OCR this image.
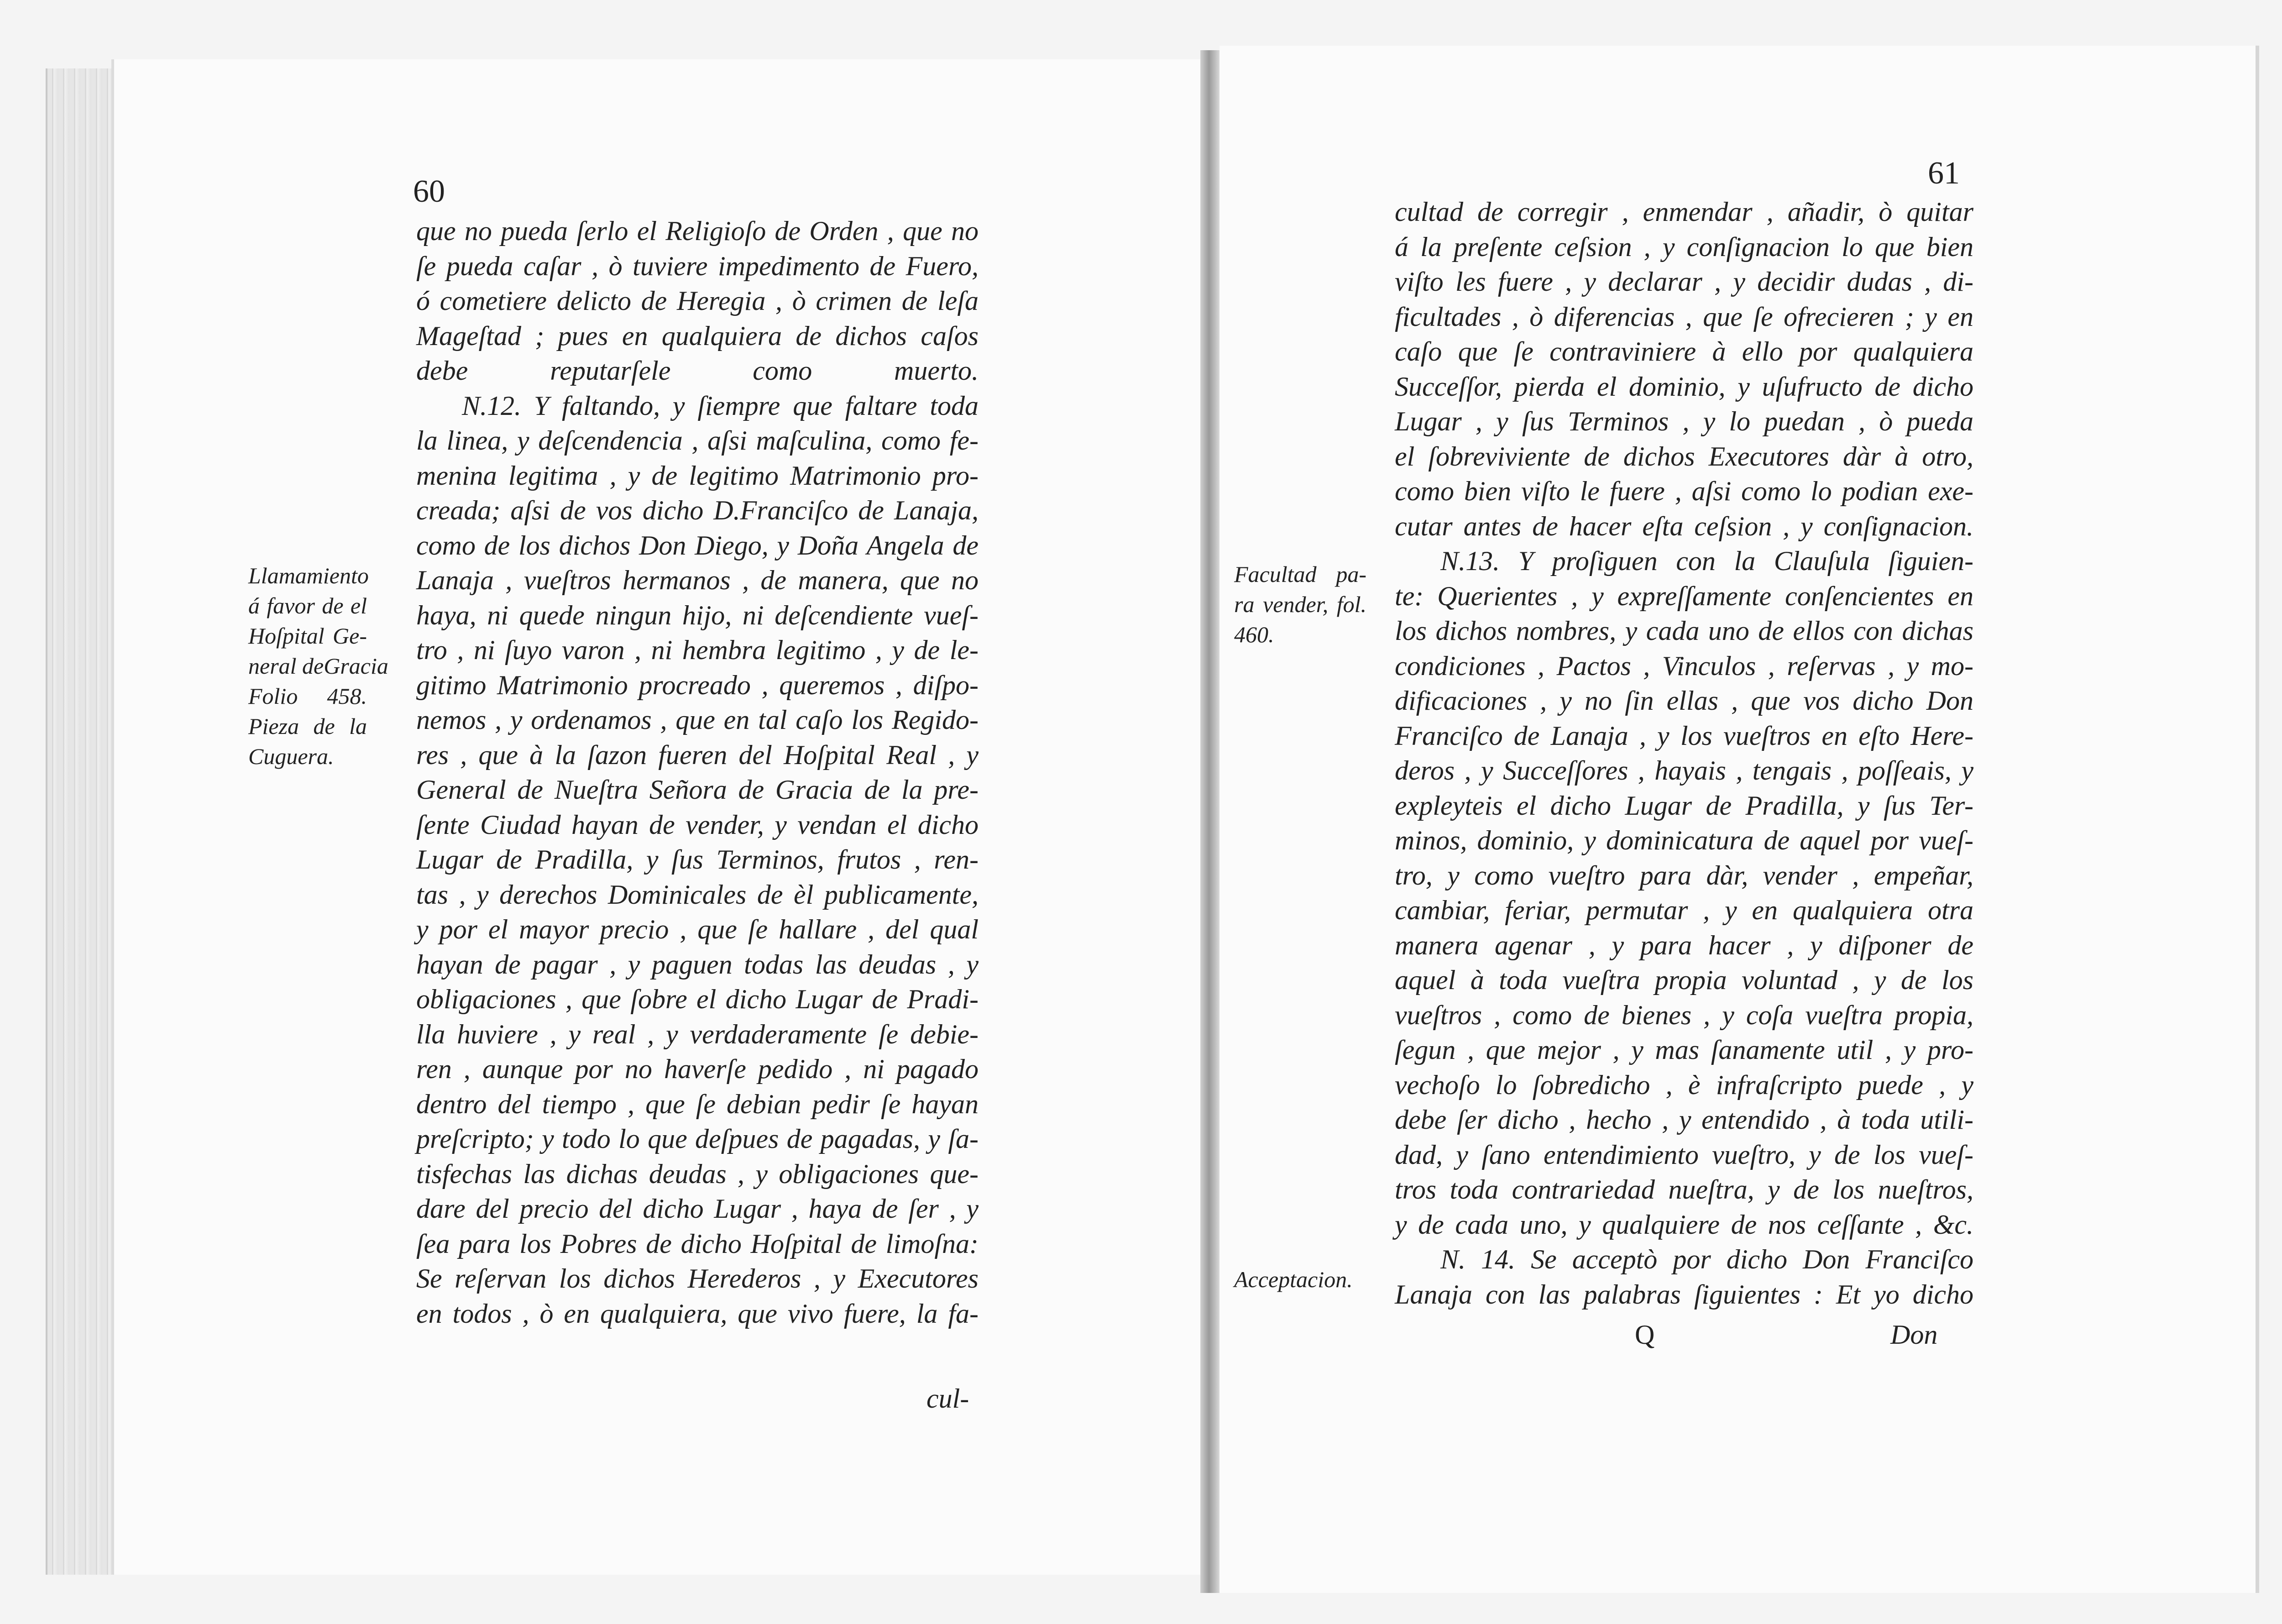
60
que no pueda ſerlo el Religioſo de Orden , que no
ſe pueda caſar , ò tuviere impedimento de Fuero,
ó cometiere delicto de Heregia , ò crimen de leſa
Mageſtad ; pues en qualquiera de dichos caſos
debe reputarſele como muerto.
N.12. Y faltando, y ſiempre que faltare toda
la linea, y deſcendencia , aſsi maſculina, como fe-
menina legitima , y de legitimo Matrimonio pro-
creada; aſsi de vos dicho D.Franciſco de Lanaja,
como de los dichos Don Diego, y Doña Angela de
Lanaja , vueſtros hermanos , de manera, que no
haya, ni quede ningun hijo, ni deſcendiente vueſ-
tro , ni ſuyo varon , ni hembra legitimo , y de le-
gitimo Matrimonio procreado , queremos , diſpo-
nemos , y ordenamos , que en tal caſo los Regido-
res , que à la ſazon fueren del Hoſpital Real , y
General de Nueſtra Señora de Gracia de la pre-
ſente Ciudad hayan de vender, y vendan el dicho
Lugar de Pradilla, y ſus Terminos, frutos , ren-
tas , y derechos Dominicales de èl publicamente,
y por el mayor precio , que ſe hallare , del qual
hayan de pagar , y paguen todas las deudas , y
obligaciones , que ſobre el dicho Lugar de Pradi-
lla huviere , y real , y verdaderamente ſe debie-
ren , aunque por no haverſe pedido , ni pagado
dentro del tiempo , que ſe debian pedir ſe hayan
preſcripto; y todo lo que deſpues de pagadas, y ſa-
tisfechas las dichas deudas , y obligaciones que-
dare del precio del dicho Lugar , haya de ſer , y
ſea para los Pobres de dicho Hoſpital de limoſna:
Se reſervan los dichos Herederos , y Executores
en todos , ò en qualquiera, que vivo fuere, la fa-
Llamamiento
á favor de el
Hoſpital Ge-
neral deGracia
Folio 458.
Pieza de la
Cuguera.
cul-
61
cultad de corregir , enmendar , añadir, ò quitar
á la preſente ceſsion , y conſignacion lo que bien
viſto les fuere , y declarar , y decidir dudas , di-
ficultades , ò diferencias , que ſe ofrecieren ; y en
caſo que ſe contraviniere à ello por qualquiera
Succeſſor, pierda el dominio, y uſufructo de dicho
Lugar , y ſus Terminos , y lo puedan , ò pueda
el ſobreviviente de dichos Executores dàr à otro,
como bien viſto le fuere , aſsi como lo podian exe-
cutar antes de hacer eſta ceſsion , y conſignacion.
N.13. Y proſiguen con la Clauſula ſiguien-
te: Querientes , y expreſſamente conſencientes en
los dichos nombres, y cada uno de ellos con dichas
condiciones , Pactos , Vinculos , reſervas , y mo-
dificaciones , y no ſin ellas , que vos dicho Don
Franciſco de Lanaja , y los vueſtros en eſto Here-
deros , y Succeſſores , hayais , tengais , poſſeais, y
expleyteis el dicho Lugar de Pradilla, y ſus Ter-
minos, dominio, y dominicatura de aquel por vueſ-
tro, y como vueſtro para dàr, vender , empeñar,
cambiar, feriar, permutar , y en qualquiera otra
manera agenar , y para hacer , y diſponer de
aquel à toda vueſtra propia voluntad , y de los
vueſtros , como de bienes , y coſa vueſtra propia,
ſegun , que mejor , y mas ſanamente util , y pro-
vechoſo lo ſobredicho , è infraſcripto puede , y
debe ſer dicho , hecho , y entendido , à toda utili-
dad, y ſano entendimiento vueſtro, y de los vueſ-
tros toda contrariedad nueſtra, y de los nueſtros,
y de cada uno, y qualquiere de nos ceſſante , &c.
N. 14. Se acceptò por dicho Don Franciſco
Lanaja con las palabras ſiguientes : Et yo dicho
Facultad pa-
ra vender, fol.
460.
Acceptacion.
Q	Don
